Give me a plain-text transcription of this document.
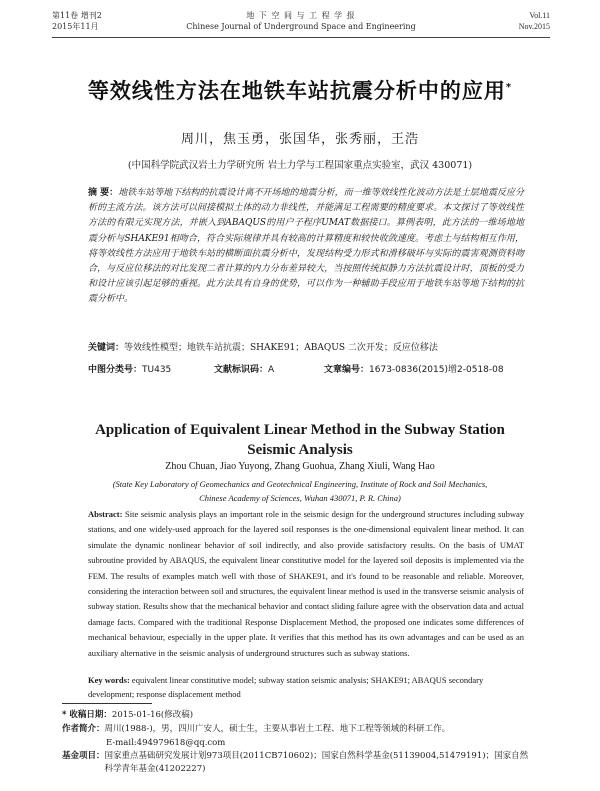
第11卷 增刊2
2015年11月
地 下 空 间 与 工 程 学 报
Chinese Journal of Underground Space and Engineering
Vol.11
Nov.2015
等效线性方法在地铁车站抗震分析中的应用*
周川，焦玉勇，张国华，张秀丽，王浩
(中国科学院武汉岩土力学研究所 岩土力学与工程国家重点实验室，武汉 430071)
摘 要：地铁车站等地下结构的抗震设计离不开场地的地震分析，而一维等效线性化波动方法是土层地震反应分析的主流方法。该方法可以间接模拟土体的动力非线性，并能满足工程需要的精度要求。本文探讨了等效线性方法的有限元实现方法，并嵌入到ABAQUS的用户子程序UMAT数据接口。算例表明，此方法的一维场地地震分析与SHAKE91相吻合，符合实际规律并具有较高的计算精度和较快收敛速度。考虑土与结构相互作用，将等效线性方法应用于地铁车站的横断面抗震分析中，发现结构受力形式和滑移破坏与实际的震害观测资料吻合，与反应位移法的对比发现二者计算的内力分布差异较大，当按照传统拟静力方法抗震设计时，顶板的受力和设计应该引起足够的重视。此方法具有自身的优势，可以作为一种辅助手段应用于地铁车站等地下结构的抗震分析中。
关键词：等效线性模型；地铁车站抗震；SHAKE91；ABAQUS 二次开发；反应位移法
中图分类号：TU435	文献标识码：A	文章编号：1673-0836(2015)增2-0518-08
Application of Equivalent Linear Method in the Subway Station
Seismic Analysis
Zhou Chuan, Jiao Yuyong, Zhang Guohua, Zhang Xiuli, Wang Hao
(State Key Laboratory of Geomechanics and Geotechnical Engineering, Institute of Rock and Soil Mechanics,
Chinese Academy of Sciences, Wuhan 430071, P. R. China)
Abstract: Site seismic analysis plays an important role in the seismic design for the underground structures including subway stations, and one widely-used approach for the layered soil responses is the one-dimensional equivalent linear method. It can simulate the dynamic nonlinear behavior of soil indirectly, and also provide satisfactory results. On the basis of UMAT subroutine provided by ABAQUS, the equivalent linear constitutive model for the layered soil deposits is implemented via the FEM. The results of examples match well with those of SHAKE91, and it's found to be reasonable and reliable. Moreover, considering the interaction between soil and structures, the equivalent linear method is used in the transverse seismic analysis of subway station. Results show that the mechanical behavior and contact sliding failure agree with the observation data and actual damage facts. Compared with the traditional Response Displacement Method, the proposed one indicates some differences of mechanical behaviour, especially in the upper plate. It verifies that this method has its own advantages and can be used as an auxiliary alternative in the seismic analysis of underground structures such as subway stations.
Key words: equivalent linear constitutive model; subway station seismic analysis; SHAKE91; ABAQUS secondary development; response displacement method
* 收稿日期：2015-01-16(修改稿)
作者简介：周川(1988-)，男，四川广安人，硕士生，主要从事岩土工程、地下工程等领域的科研工作。
E-mail:494979618@qq.com
基金项目：国家重点基础研究发展计划973项目(2011CB710602)；国家自然科学基金(51139004,51479191)；国家自然科学青年基金(41202227)
